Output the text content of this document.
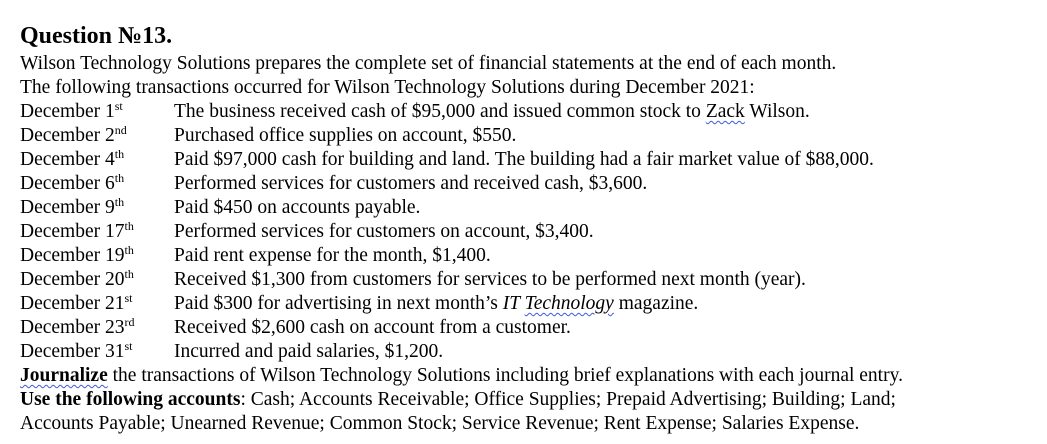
Question №13.
Wilson Technology Solutions prepares the complete set of financial statements at the end of each month.
The following transactions occurred for Wilson Technology Solutions during December 2021:
December 1st	The business received cash of $95,000 and issued common stock to Zack Wilson.
December 2nd	Purchased office supplies on account, $550.
December 4th	Paid $97,000 cash for building and land. The building had a fair market value of $88,000.
December 6th	Performed services for customers and received cash, $3,600.
December 9th	Paid $450 on accounts payable.
December 17th	Performed services for customers on account, $3,400.
December 19th	Paid rent expense for the month, $1,400.
December 20th	Received $1,300 from customers for services to be performed next month (year).
December 21st	Paid $300 for advertising in next month’s IT Technology magazine.
December 23rd	Received $2,600 cash on account from a customer.
December 31st	Incurred and paid salaries, $1,200.
Journalize the transactions of Wilson Technology Solutions including brief explanations with each journal entry.
Use the following accounts: Cash; Accounts Receivable; Office Supplies; Prepaid Advertising; Building; Land;
Accounts Payable; Unearned Revenue; Common Stock; Service Revenue; Rent Expense; Salaries Expense.
